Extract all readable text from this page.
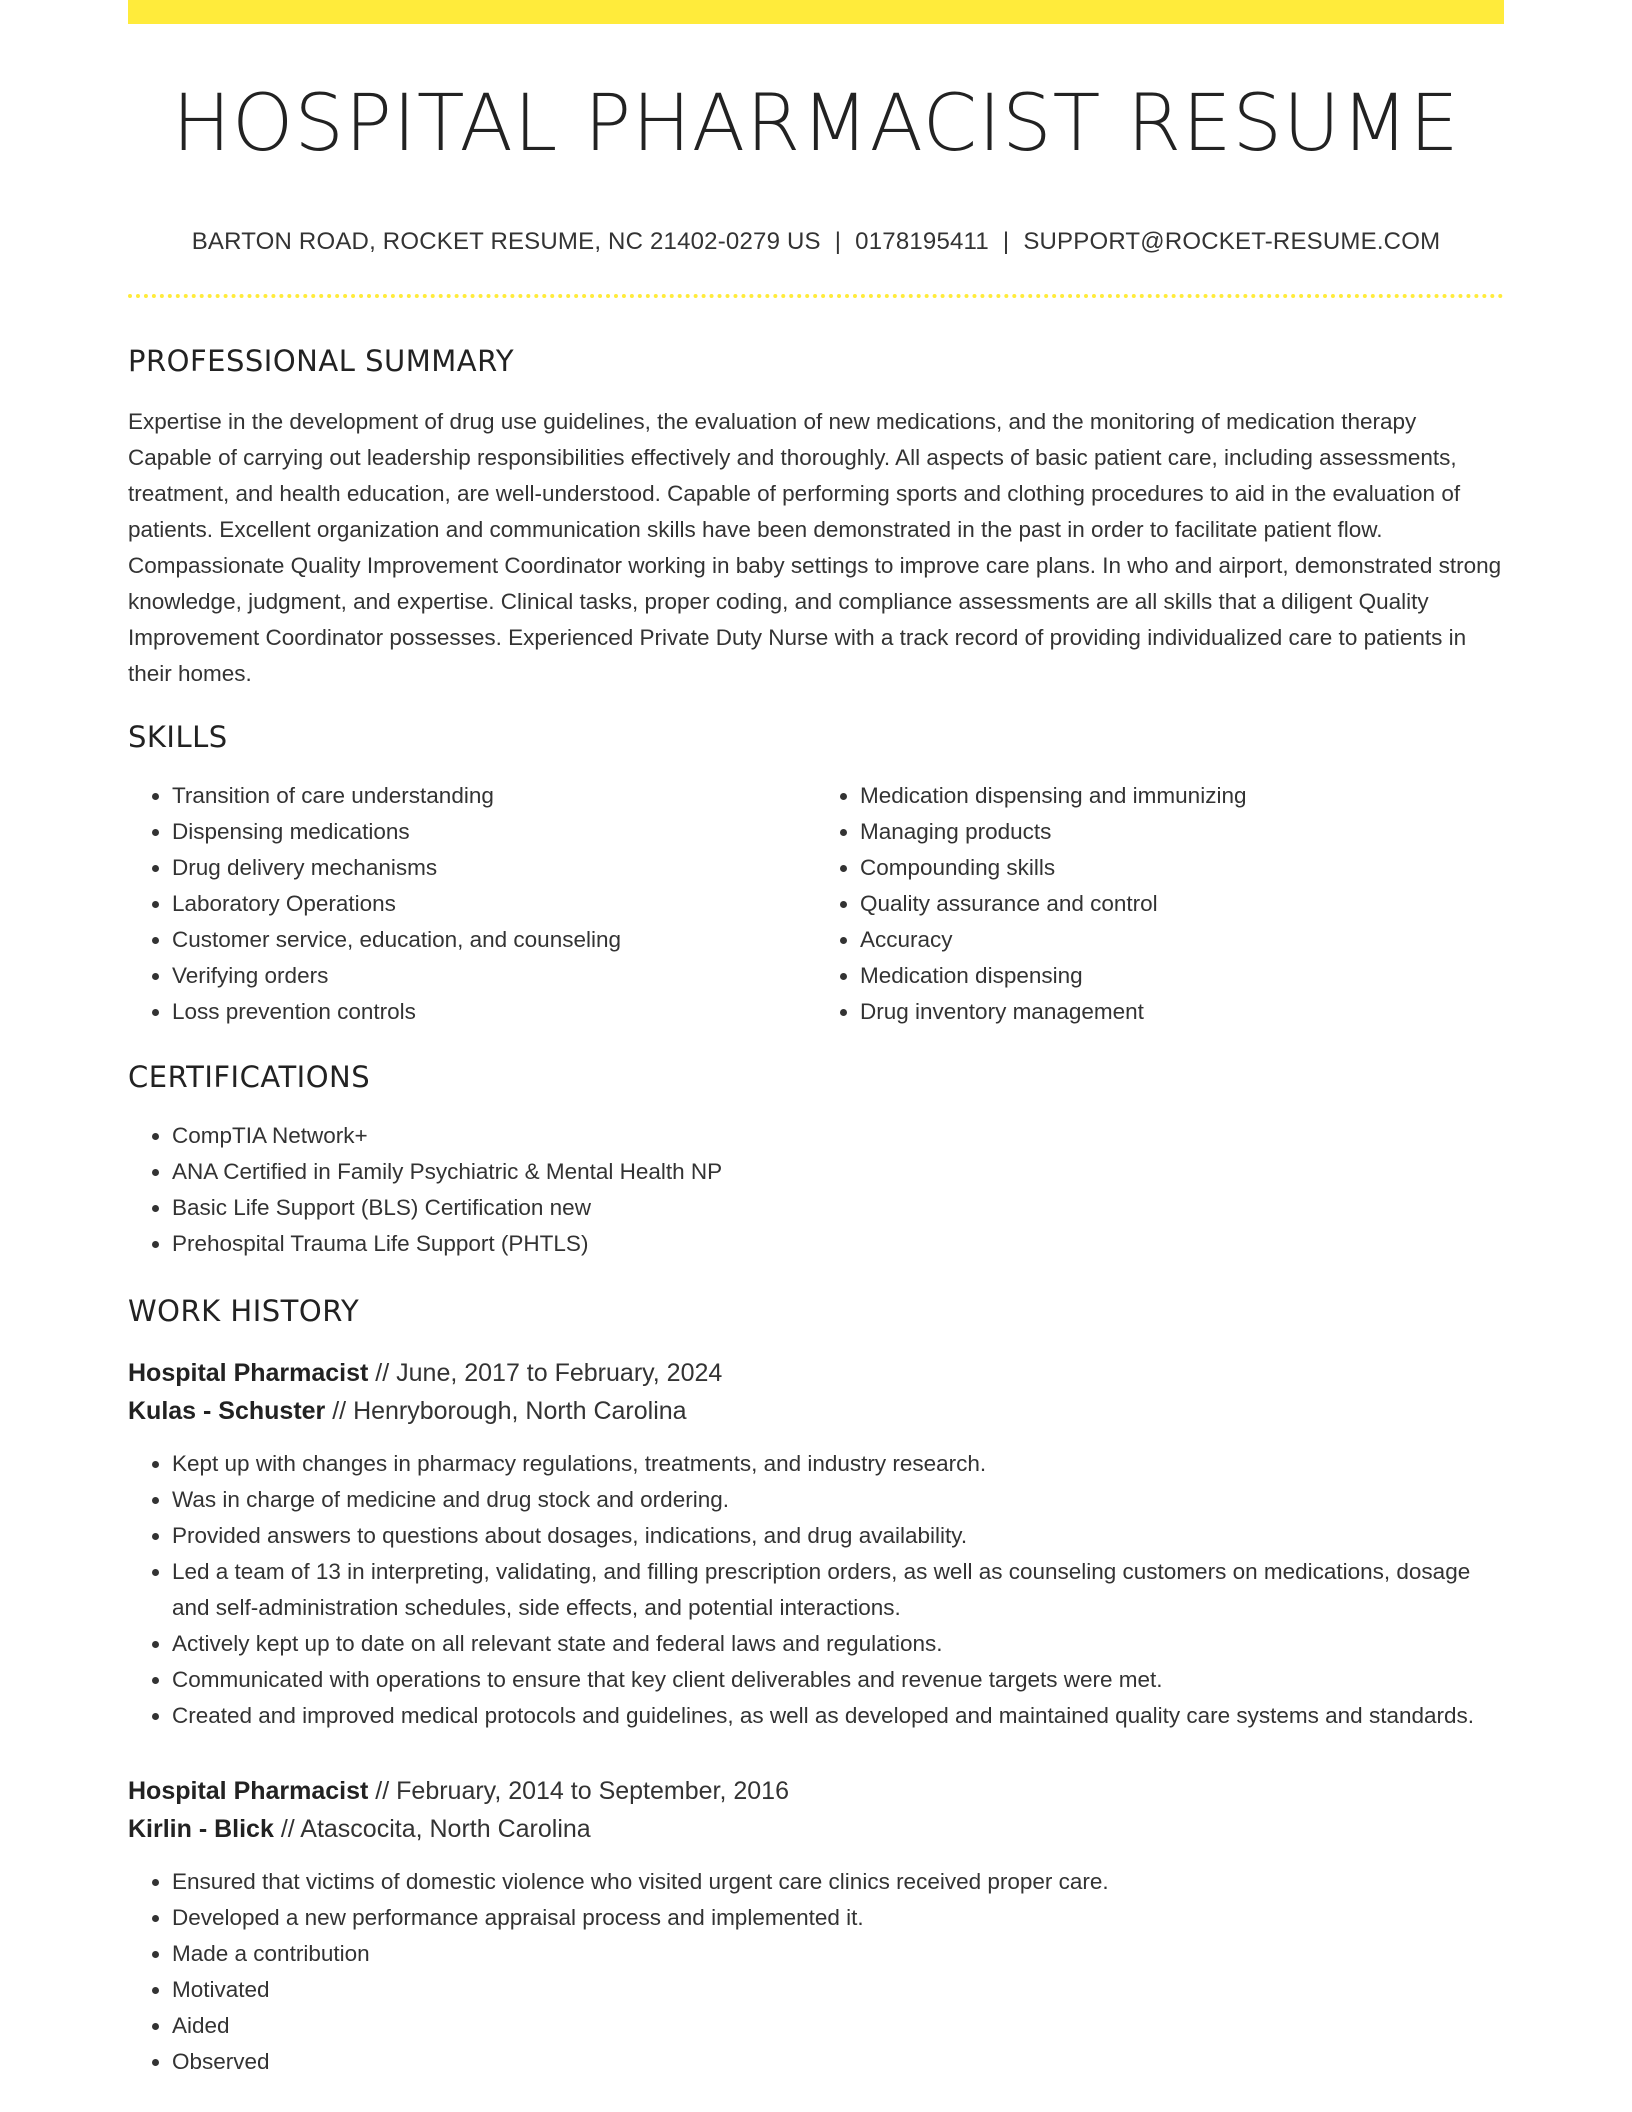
HOSPITAL PHARMACIST RESUME
BARTON ROAD, ROCKET RESUME, NC 21402-0279 US | 0178195411 | SUPPORT@ROCKET-RESUME.COM
PROFESSIONAL SUMMARY
Expertise in the development of drug use guidelines, the evaluation of new medications, and the monitoring of medication therapy Capable of carrying out leadership responsibilities effectively and thoroughly. All aspects of basic patient care, including assessments, treatment, and health education, are well-understood. Capable of performing sports and clothing procedures to aid in the evaluation of patients. Excellent organization and communication skills have been demonstrated in the past in order to facilitate patient flow. Compassionate Quality Improvement Coordinator working in baby settings to improve care plans. In who and airport, demonstrated strong knowledge, judgment, and expertise. Clinical tasks, proper coding, and compliance assessments are all skills that a diligent Quality Improvement Coordinator possesses. Experienced Private Duty Nurse with a track record of providing individualized care to patients in their homes.
SKILLS
• Transition of care understanding
• Dispensing medications
• Drug delivery mechanisms
• Laboratory Operations
• Customer service, education, and counseling
• Verifying orders
• Loss prevention controls
• Medication dispensing and immunizing
• Managing products
• Compounding skills
• Quality assurance and control
• Accuracy
• Medication dispensing
• Drug inventory management
CERTIFICATIONS
• CompTIA Network+
• ANA Certified in Family Psychiatric & Mental Health NP
• Basic Life Support (BLS) Certification new
• Prehospital Trauma Life Support (PHTLS)
WORK HISTORY
Hospital Pharmacist // June, 2017 to February, 2024
Kulas - Schuster // Henryborough, North Carolina
• Kept up with changes in pharmacy regulations, treatments, and industry research.
• Was in charge of medicine and drug stock and ordering.
• Provided answers to questions about dosages, indications, and drug availability.
• Led a team of 13 in interpreting, validating, and filling prescription orders, as well as counseling customers on medications, dosage and self-administration schedules, side effects, and potential interactions.
• Actively kept up to date on all relevant state and federal laws and regulations.
• Communicated with operations to ensure that key client deliverables and revenue targets were met.
• Created and improved medical protocols and guidelines, as well as developed and maintained quality care systems and standards.
Hospital Pharmacist // February, 2014 to September, 2016
Kirlin - Blick // Atascocita, North Carolina
• Ensured that victims of domestic violence who visited urgent care clinics received proper care.
• Developed a new performance appraisal process and implemented it.
• Made a contribution
• Motivated
• Aided
• Observed
